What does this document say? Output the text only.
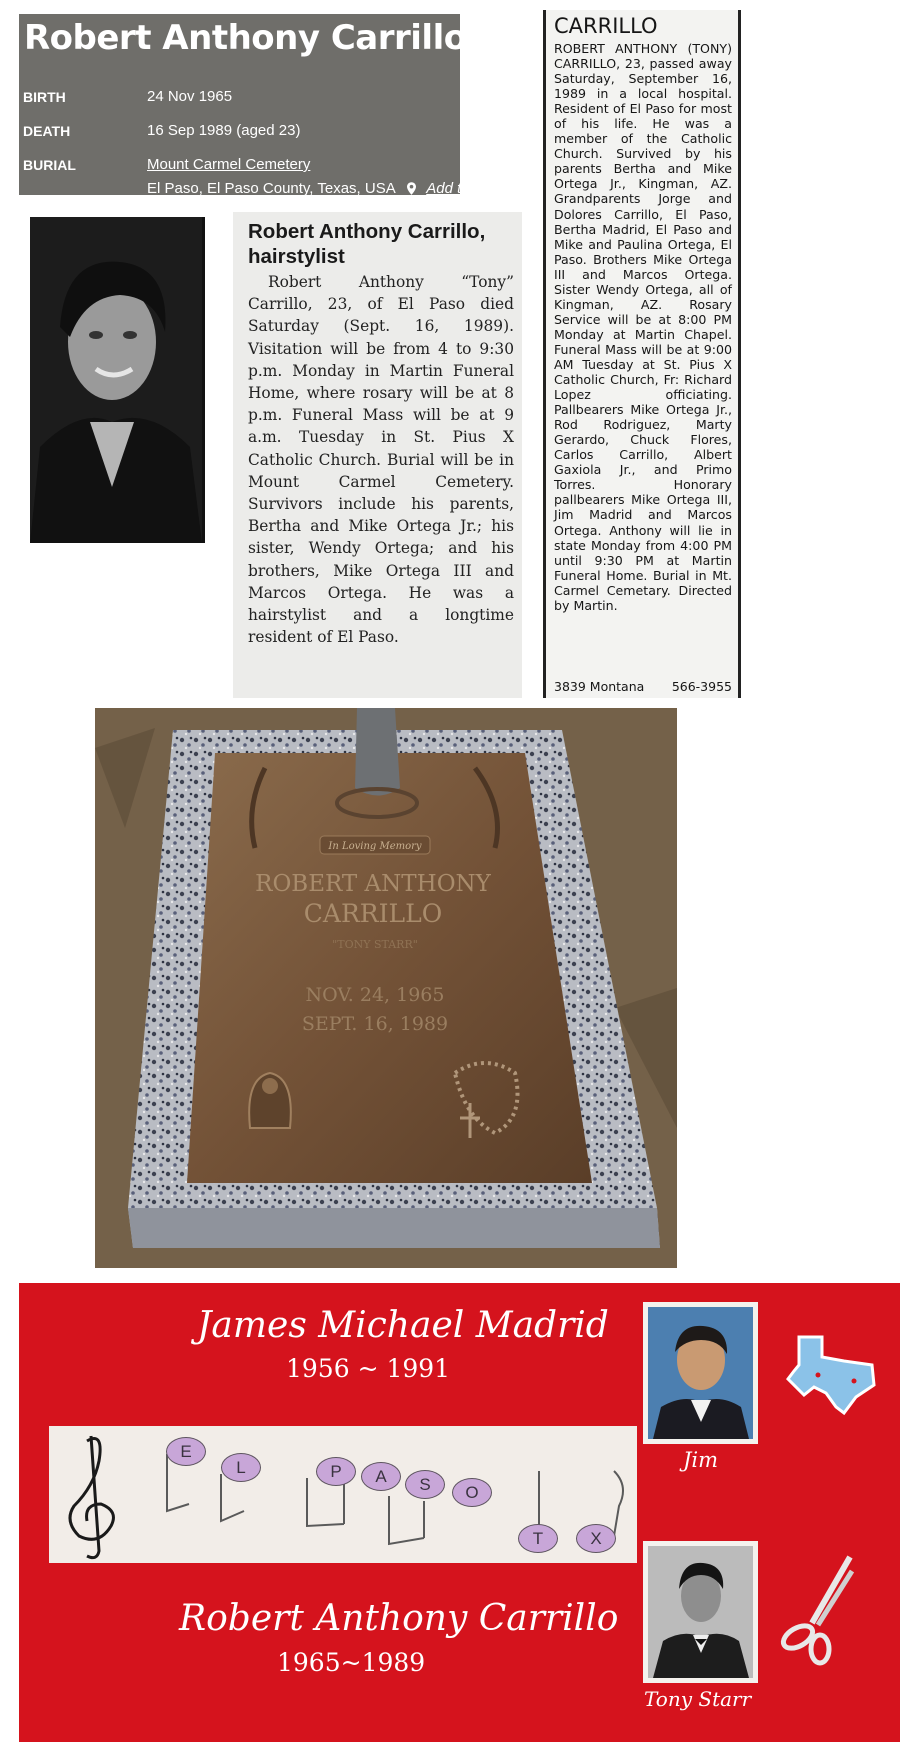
Robert Anthony Carrillo
BIRTH	24 Nov 1965
DEATH	16 Sep 1989 (aged 23)
BURIAL	Mount Carmel Cemetery
El Paso, El Paso County, Texas, USA Add to Map
Robert Anthony Carrillo, hairstylist

Robert Anthony “Tony” Carrillo, 23, of El Paso died Saturday (Sept. 16, 1989). Visitation will be from 4 to 9:30 p.m. Monday in Martin Funeral Home, where rosary will be at 8 p.m. Funeral Mass will be at 9 a.m. Tuesday in St. Pius X Catholic Church. Burial will be in Mount Carmel Cemetery. Survivors include his parents, Bertha and Mike Ortega Jr.; his sister, Wendy Ortega; and his brothers, Mike Ortega III and Marcos Ortega. He was a hairstylist and a longtime resident of El Paso.

CARRILLO

ROBERT ANTHONY (TONY) CARRILLO, 23, passed away Saturday, September 16, 1989 in a local hospital. Resident of El Paso for most of his life. He was a member of the Catholic Church. Survived by his parents Bertha and Mike Ortega Jr., Kingman, AZ. Grandparents Jorge and Dolores Carrillo, El Paso, Bertha Madrid, El Paso and Mike and Paulina Ortega, El Paso. Brothers Mike Ortega III and Marcos Ortega. Sister Wendy Ortega, all of Kingman, AZ. Rosary Service will be at 8:00 PM Monday at Martin Chapel. Funeral Mass will be at 9:00 AM Tuesday at St. Pius X Catholic Church, Fr: Richard Lopez officiating. Pallbearers Mike Ortega Jr., Rod Rodriguez, Marty Gerardo, Chuck Flores, Carlos Carrillo, Albert Gaxiola Jr., and Primo Torres. Honorary pallbearers Mike Ortega III, Jim Madrid and Marcos Ortega. Anthony will lie in state Monday from 4:00 PM until 9:30 PM at Martin Funeral Home. Burial in Mt. Carmel Cemetary. Directed by Martin.

3839 Montana 566-3955
In Loving Memory
ROBERT ANTHONY
CARRILLO
"TONY STARR"
NOV. 24, 1965
SEPT. 16, 1989
James Michael Madrid
1956 ~ 1991
E
L	P	A	S	O
T	X
Robert Anthony Carrillo
1965~1989
Jim
Tony Starr
